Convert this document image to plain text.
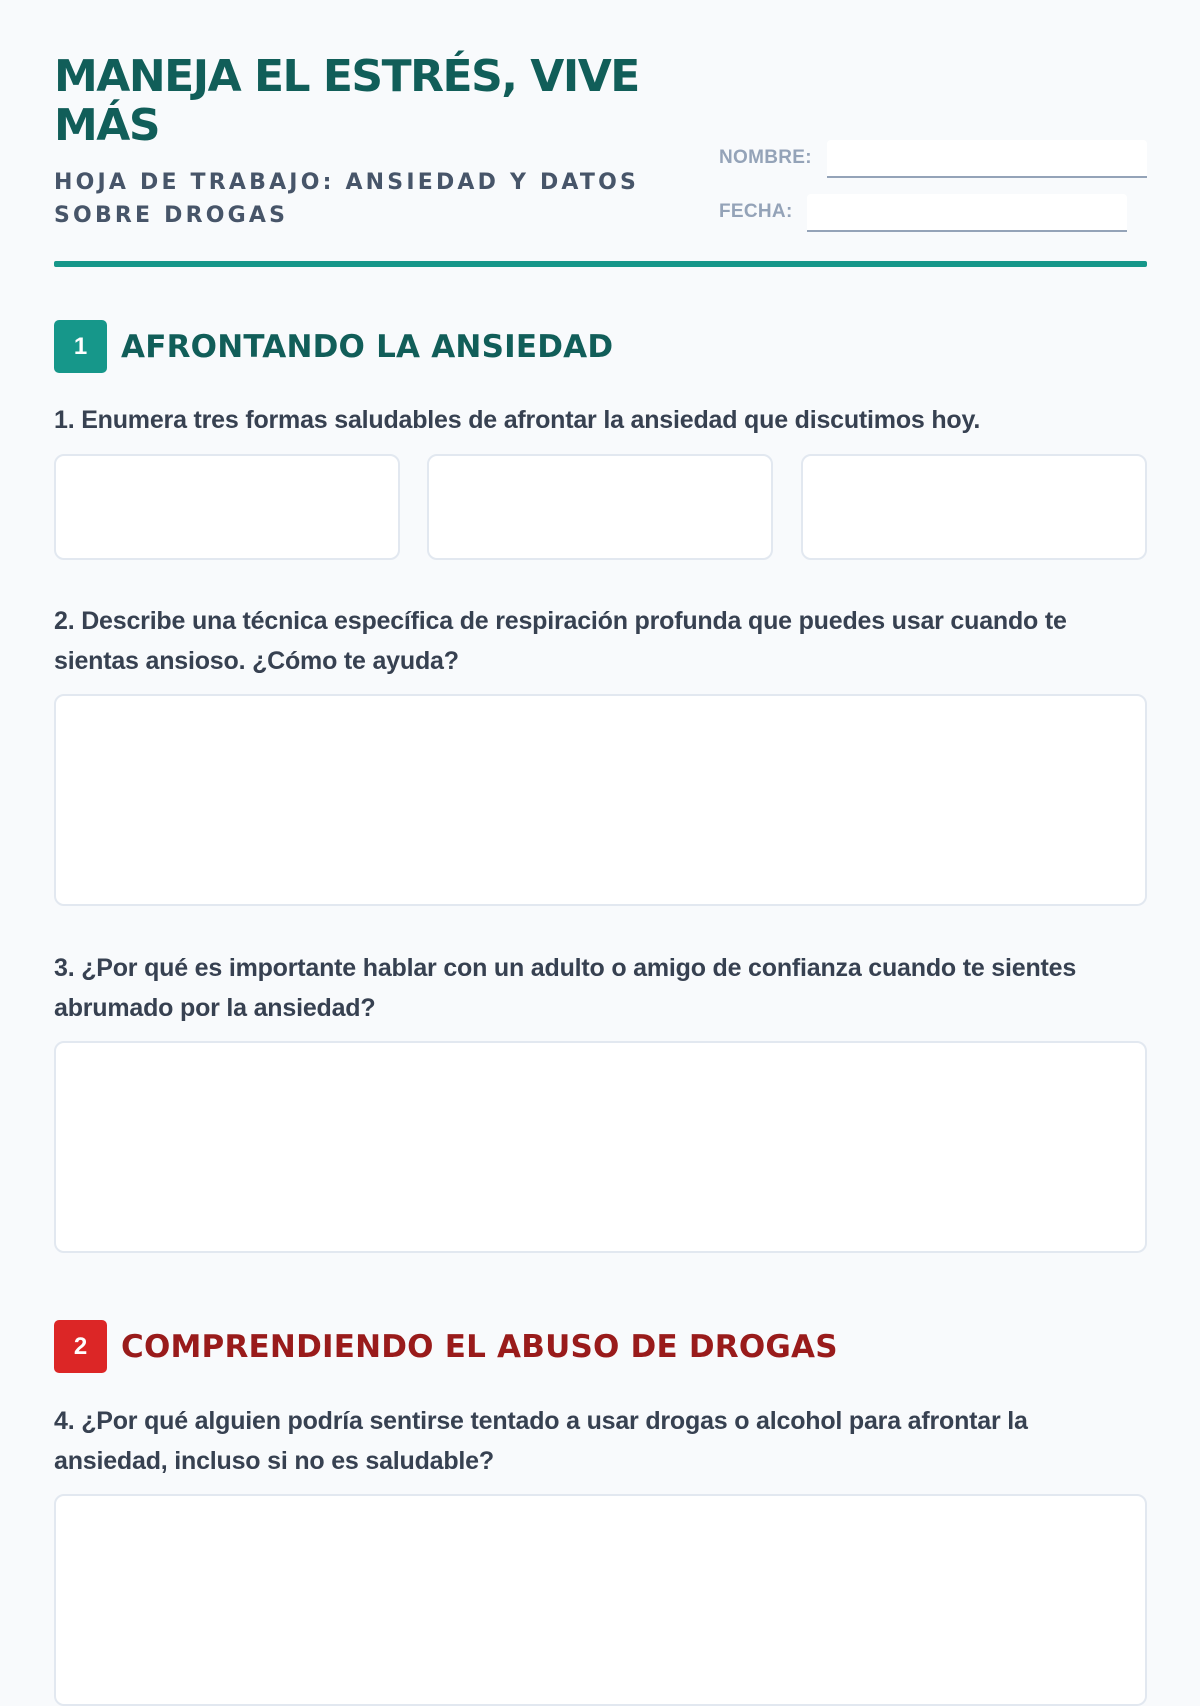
MANEJA EL ESTRÉS, VIVE MÁS
HOJA DE TRABAJO: ANSIEDAD Y DATOS SOBRE DROGAS
NOMBRE:
FECHA:
1	AFRONTANDO LA ANSIEDAD
1. Enumera tres formas saludables de afrontar la ansiedad que discutimos hoy.
2. Describe una técnica específica de respiración profunda que puedes usar cuando te sientas ansioso. ¿Cómo te ayuda?
3. ¿Por qué es importante hablar con un adulto o amigo de confianza cuando te sientes abrumado por la ansiedad?
2	COMPRENDIENDO EL ABUSO DE DROGAS
4. ¿Por qué alguien podría sentirse tentado a usar drogas o alcohol para afrontar la ansiedad, incluso si no es saludable?
